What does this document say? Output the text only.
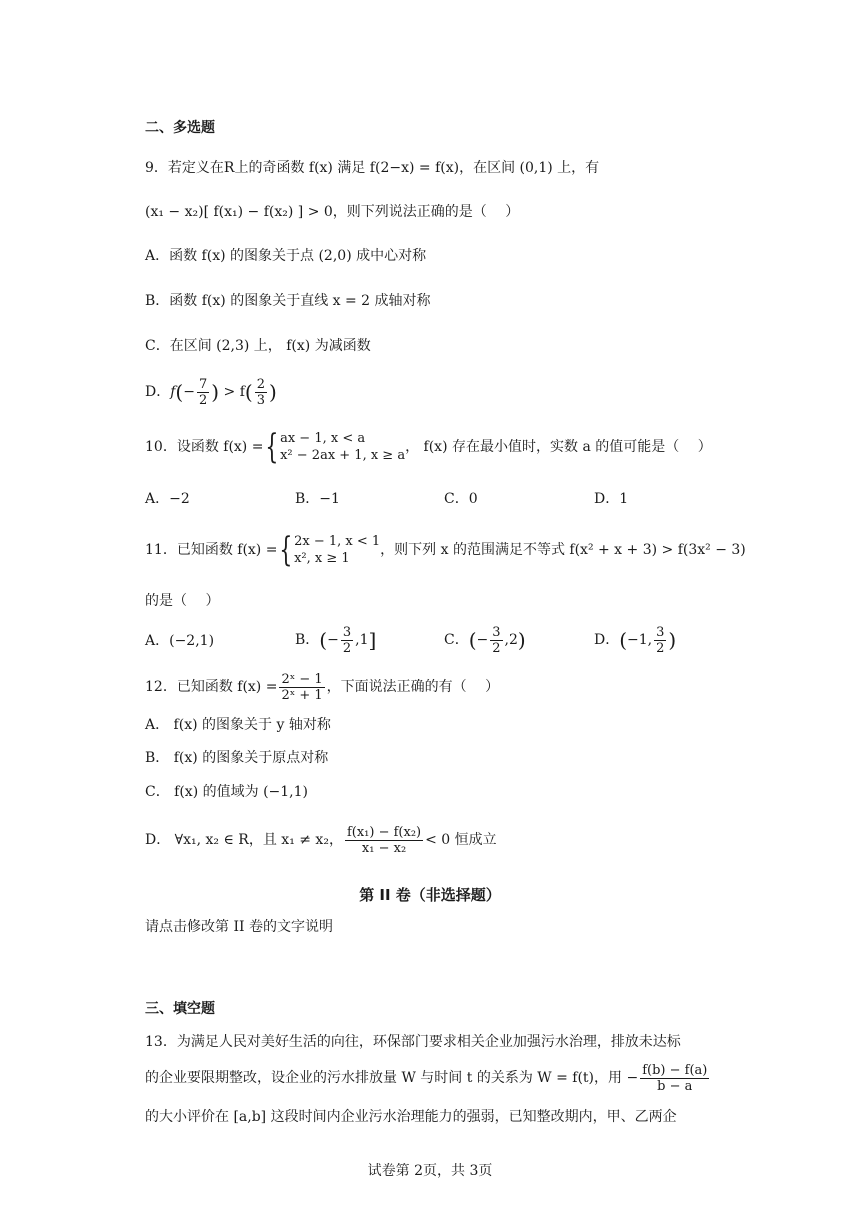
二、多选题
9．若定义在R上的奇函数 f(x) 满足 f(2−x) = f(x)，在区间 (0,1) 上，有
(x₁ − x₂)[ f(x₁) − f(x₂) ] > 0，则下列说法正确的是（　 ）
A．函数 f(x) 的图象关于点 (2,0) 成中心对称
B．函数 f(x) 的图象关于直线 x = 2 成轴对称
C．在区间 (2,3) 上， f(x) 为减函数
D．$f(- \frac{7}{2}$ ) > $f( \frac{2}{3}$ )
10．设函数 f(x) ={ ax − 1, x < a
x² − 2ax + 1, x ≥ a
， f(x) 存在最小值时，实数 a 的值可能是（　 ）
A．−2	B．−1	C．0	D．1
11．已知函数 f(x) ={ 2x − 1, x < 1
x², x ≥ 1
，则下列 x 的范围满足不等式 f(x² + x + 3) > f(3x² − 3)
的是（　 ）
A．(−2,1)	B．(− $\frac{3}{2} ,1$]	C．(− $\frac{3}{2} ,2$)	D．(−1, $\frac{3}{2}$ )
12．已知函数 $f(x) = \frac{\text{2ˣ − 1}}{\text{2ˣ + 1}}$ ，下面说法正确的有（　 ）
A． f(x) 的图象关于 y 轴对称
B． f(x) 的图象关于原点对称
C． f(x) 的值域为 (−1,1)
D． ∀x₁, x₂ ∈ R，且 x₁ ≠ x₂， $\frac{\text{f(x₁) − f(x₂)}}{\text{x₁ − x₂}} < 0$ 恒成立
第 II 卷（非选择题）
请点击修改第 II 卷的文字说明
三、填空题
13．为满足人民对美好生活的向往，环保部门要求相关企业加强污水治理，排放未达标
的企业要限期整改，设企业的污水排放量 W 与时间 t 的关系为 W = f(t)，用 − $\frac{f(b) - f(a)}{b - a}$
的大小评价在 [a,b] 这段时间内企业污水治理能力的强弱，已知整改期内，甲、乙两企
试卷第 2页，共 3页
